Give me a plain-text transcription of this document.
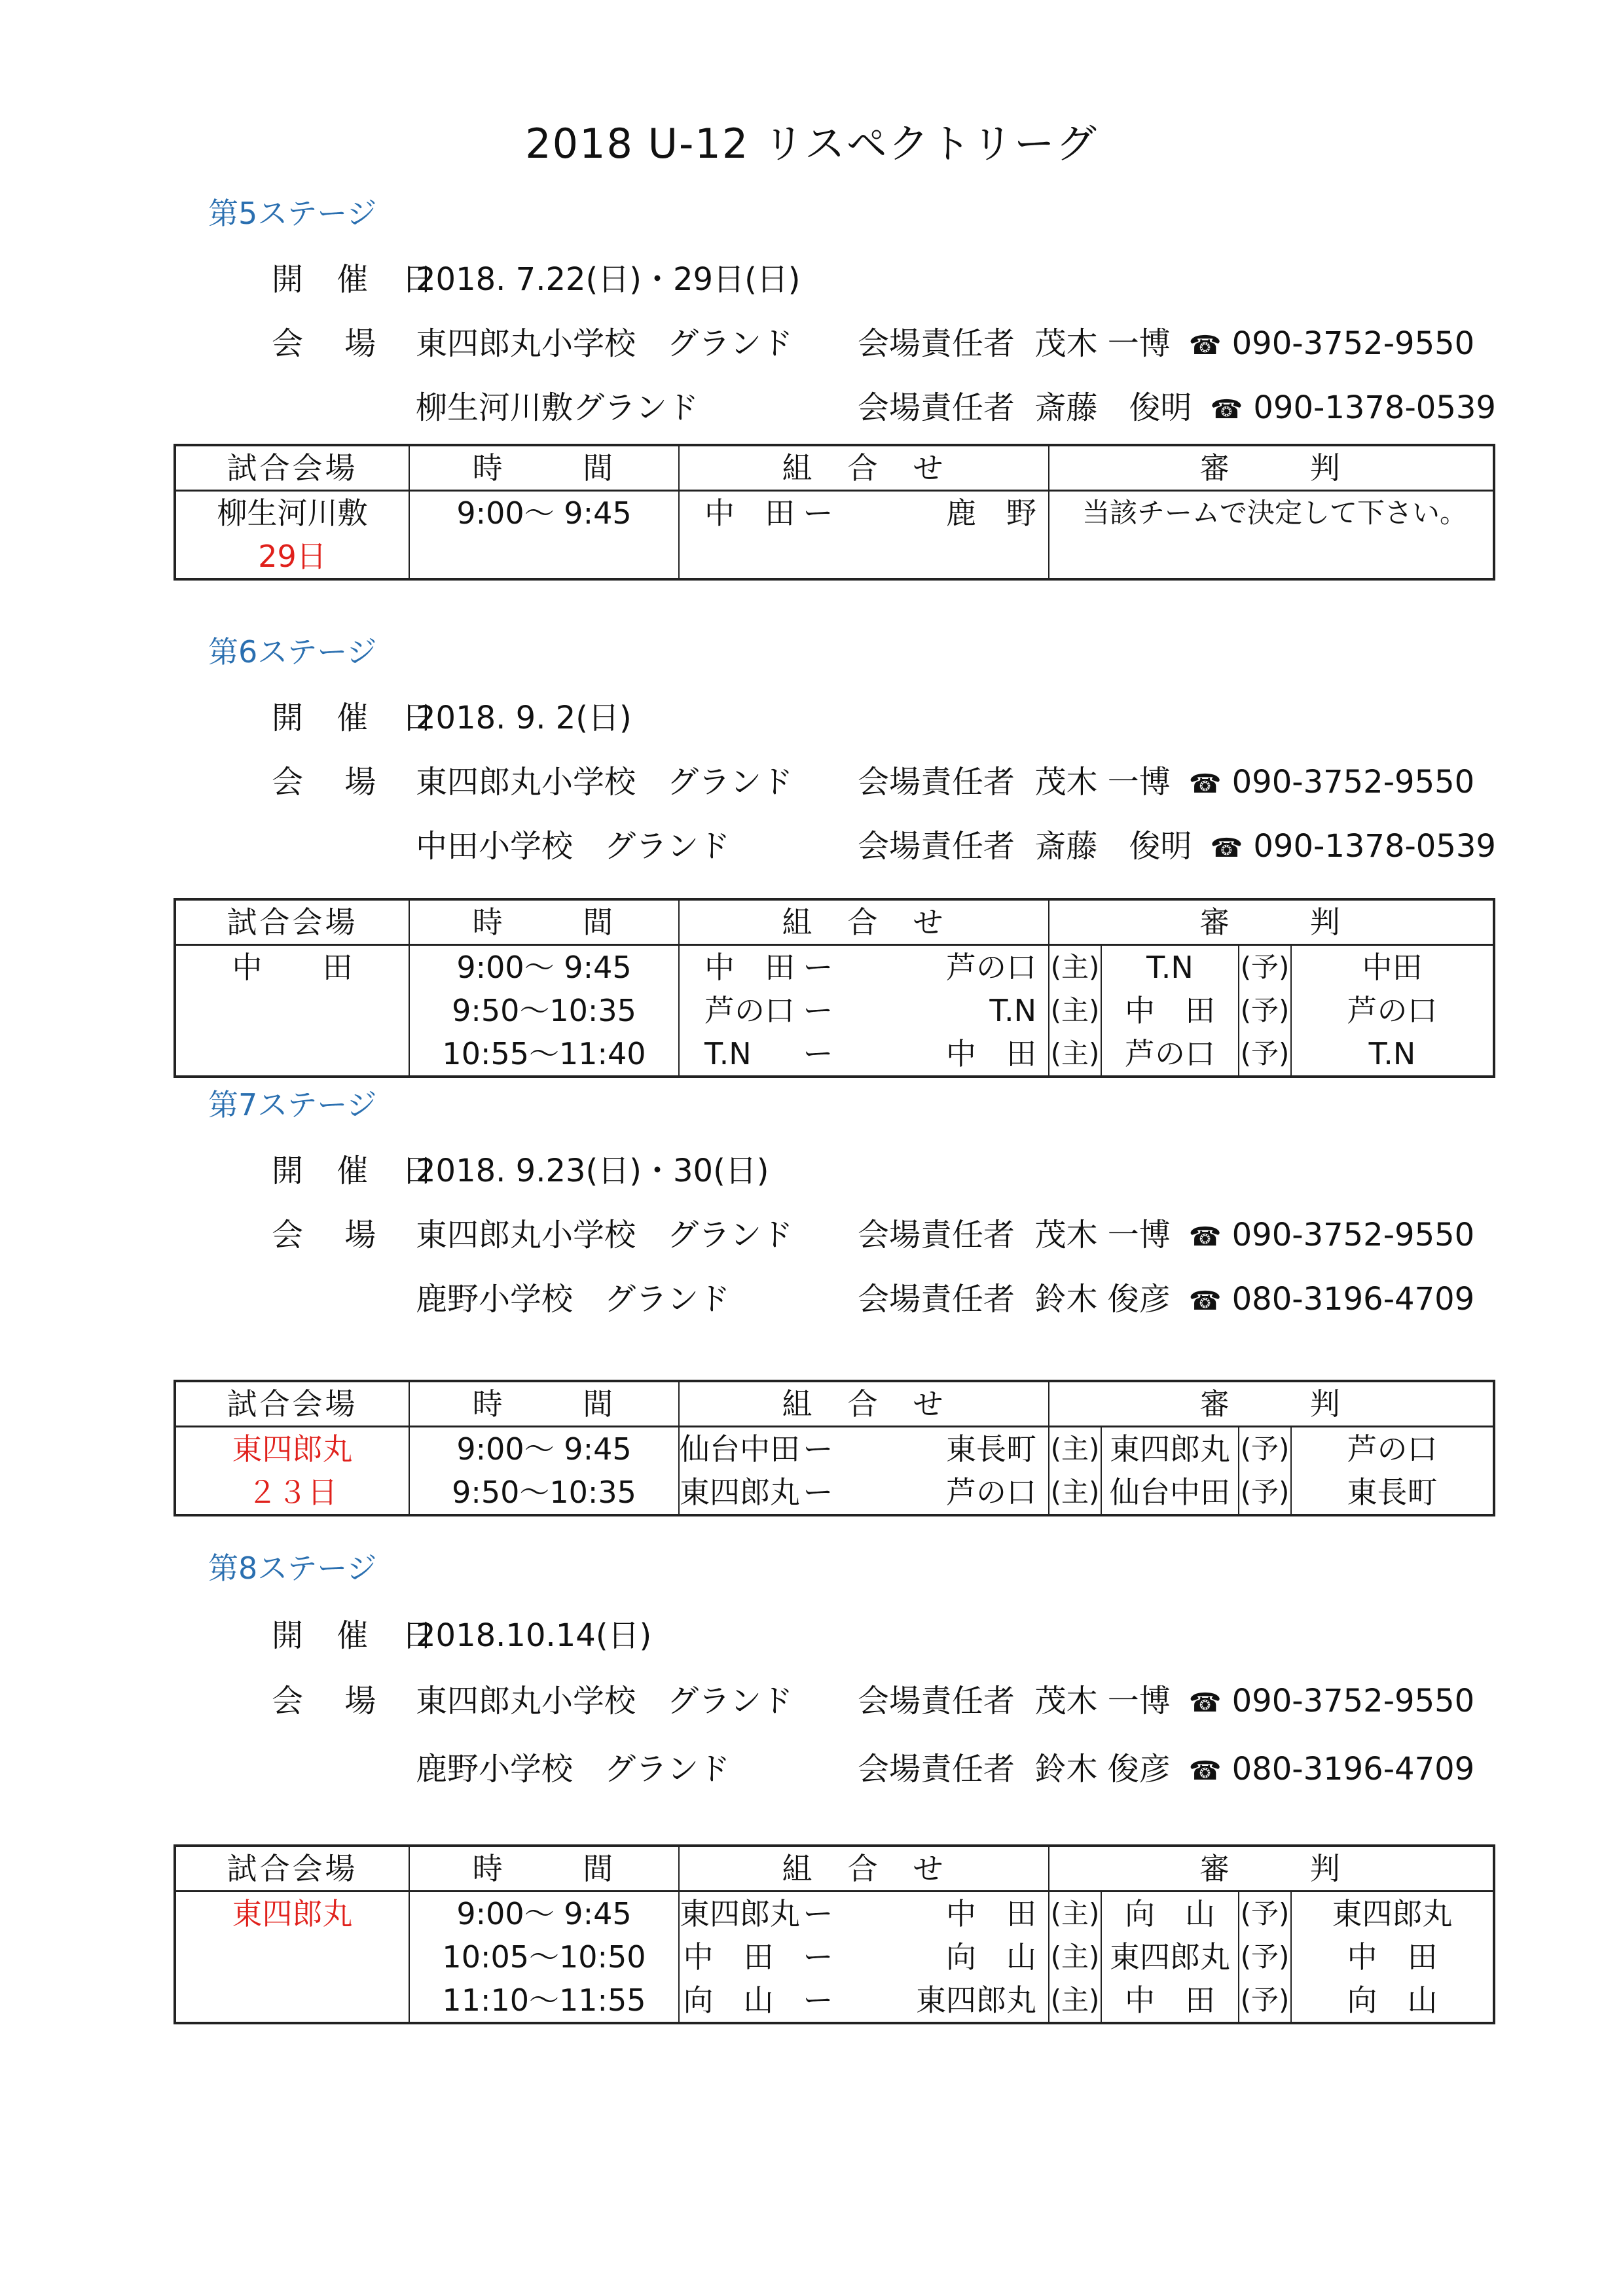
2018 U-12 リスペクトリーグ
第5ステージ
開 催 日
2018. 7.22(日)・29日(日)
会　 場 東四郎丸小学校　グランド 会場責任者 茂木 一博 ☎ 090-3752-9550
柳生河川敷グランド	会場責任者 斎藤　俊明 ☎ 090-1378-0539
試合会場	時　　 間	組　合　せ			審　　 判

柳生河川敷
29日	9:00～ 9:45	中　田	ー	鹿　野	当該チームで決定して下さい。
第6ステージ
開 催 日
2018. 9. 2(日)
会　 場 東四郎丸小学校　グランド 会場責任者 茂木 一博 ☎ 090-3752-9550
中田小学校　グランド	会場責任者 斎藤　俊明 ☎ 090-1378-0539
試合会場	時　　 間	組　合　せ			審　　 判			

中　　田	9:00～ 9:45	中　田	ー	芦の口	(主)	T.N	(予)	中田
	9:50～10:35	芦の口	ー	T.N	(主)	中　田	(予)	芦の口
	10:55～11:40	T.N	ー	中　田	(主)	芦の口	(予)	T.N
第7ステージ
開 催 日
2018. 9.23(日)・30(日)
会　 場 東四郎丸小学校　グランド 会場責任者 茂木 一博 ☎ 090-3752-9550
鹿野小学校　グランド	会場責任者 鈴木 俊彦 ☎ 080-3196-4709
試合会場	時　　 間	組　合　せ			審　　 判			
東四郎丸	9:00～ 9:45	仙台中田	ー	東長町	(主)	東四郎丸	(予)	芦の口
２３日	9:50～10:35	東四郎丸	ー	芦の口	(主)	仙台中田	(予)	東長町
第8ステージ
開 催 日
2018.10.14(日)
会　 場 東四郎丸小学校　グランド 会場責任者 茂木 一博 ☎ 090-3752-9550
鹿野小学校　グランド	会場責任者 鈴木 俊彦 ☎ 080-3196-4709
試合会場	時　　 間	組　合　せ			審　　 判			
東四郎丸	9:00～ 9:45	東四郎丸	ー	中　田	(主)	向　山	(予)	東四郎丸
	10:05～10:50	中　田	ー	向　山	(主)	東四郎丸	(予)	中　田
	11:10～11:55	向　山	ー	東四郎丸	(主)	中　田	(予)	向　山
